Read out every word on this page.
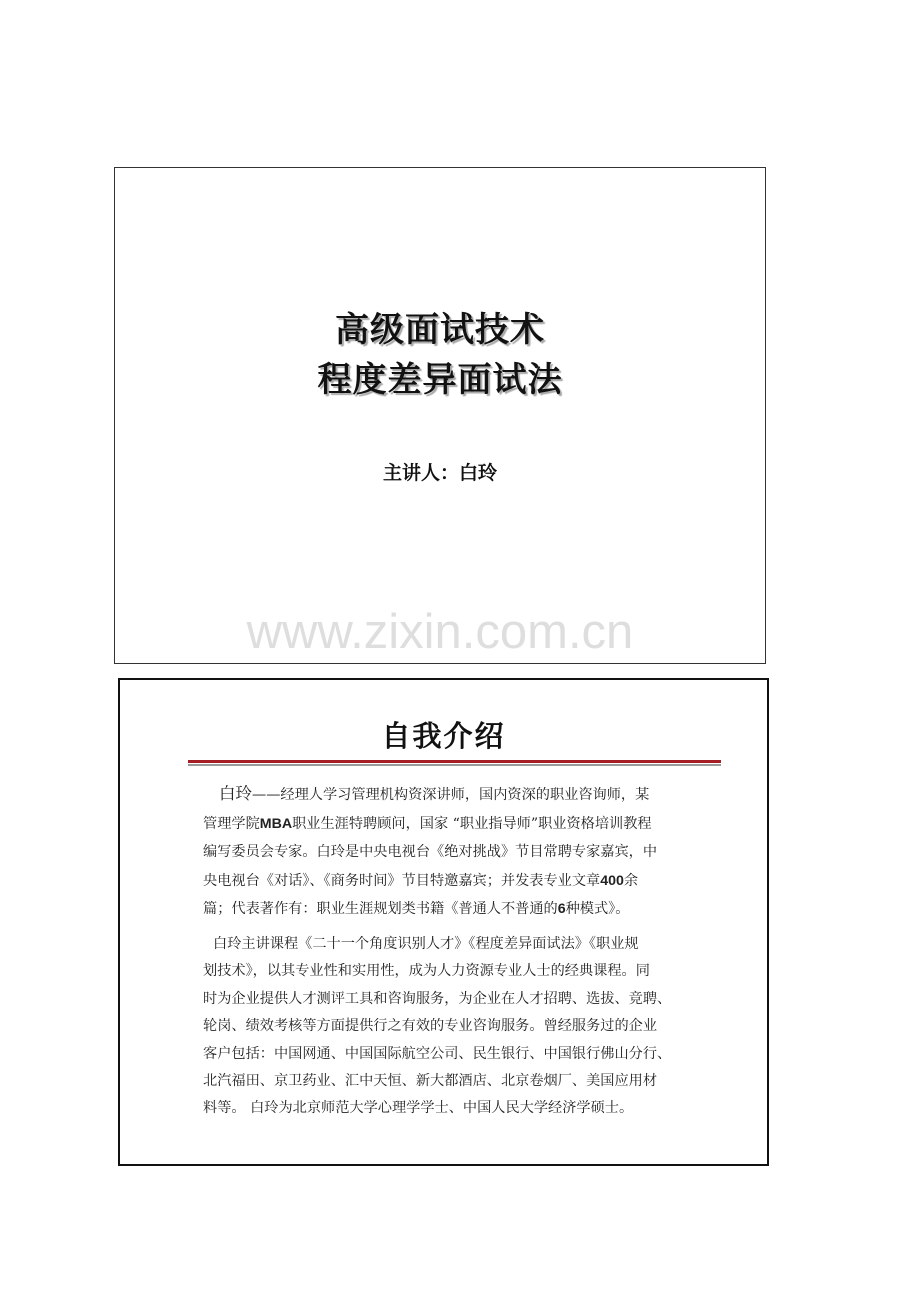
高级面试技术
程度差异面试法
主讲人：白玲
www.zixin.com.cn
自我介绍
白玲——经理人学习管理机构资深讲师，国内资深的职业咨询师，某
管理学院MBA职业生涯特聘顾问，国家 “职业指导师”职业资格培训教程
编写委员会专家。白玲是中央电视台《绝对挑战》节目常聘专家嘉宾，中
央电视台《对话》、《商务时间》节目特邀嘉宾；并发表专业文章400余
篇；代表著作有：职业生涯规划类书籍《普通人不普通的6种模式》。
白玲主讲课程《二十一个角度识别人才》《程度差异面试法》《职业规
划技术》，以其专业性和实用性，成为人力资源专业人士的经典课程。同
时为企业提供人才测评工具和咨询服务，为企业在人才招聘、选拔、竞聘、
轮岗、绩效考核等方面提供行之有效的专业咨询服务。曾经服务过的企业
客户包括：中国网通、中国国际航空公司、民生银行、中国银行佛山分行、
北汽福田、京卫药业、汇中天恒、新大都酒店、北京卷烟厂、美国应用材
料等。 白玲为北京师范大学心理学学士、中国人民大学经济学硕士。
